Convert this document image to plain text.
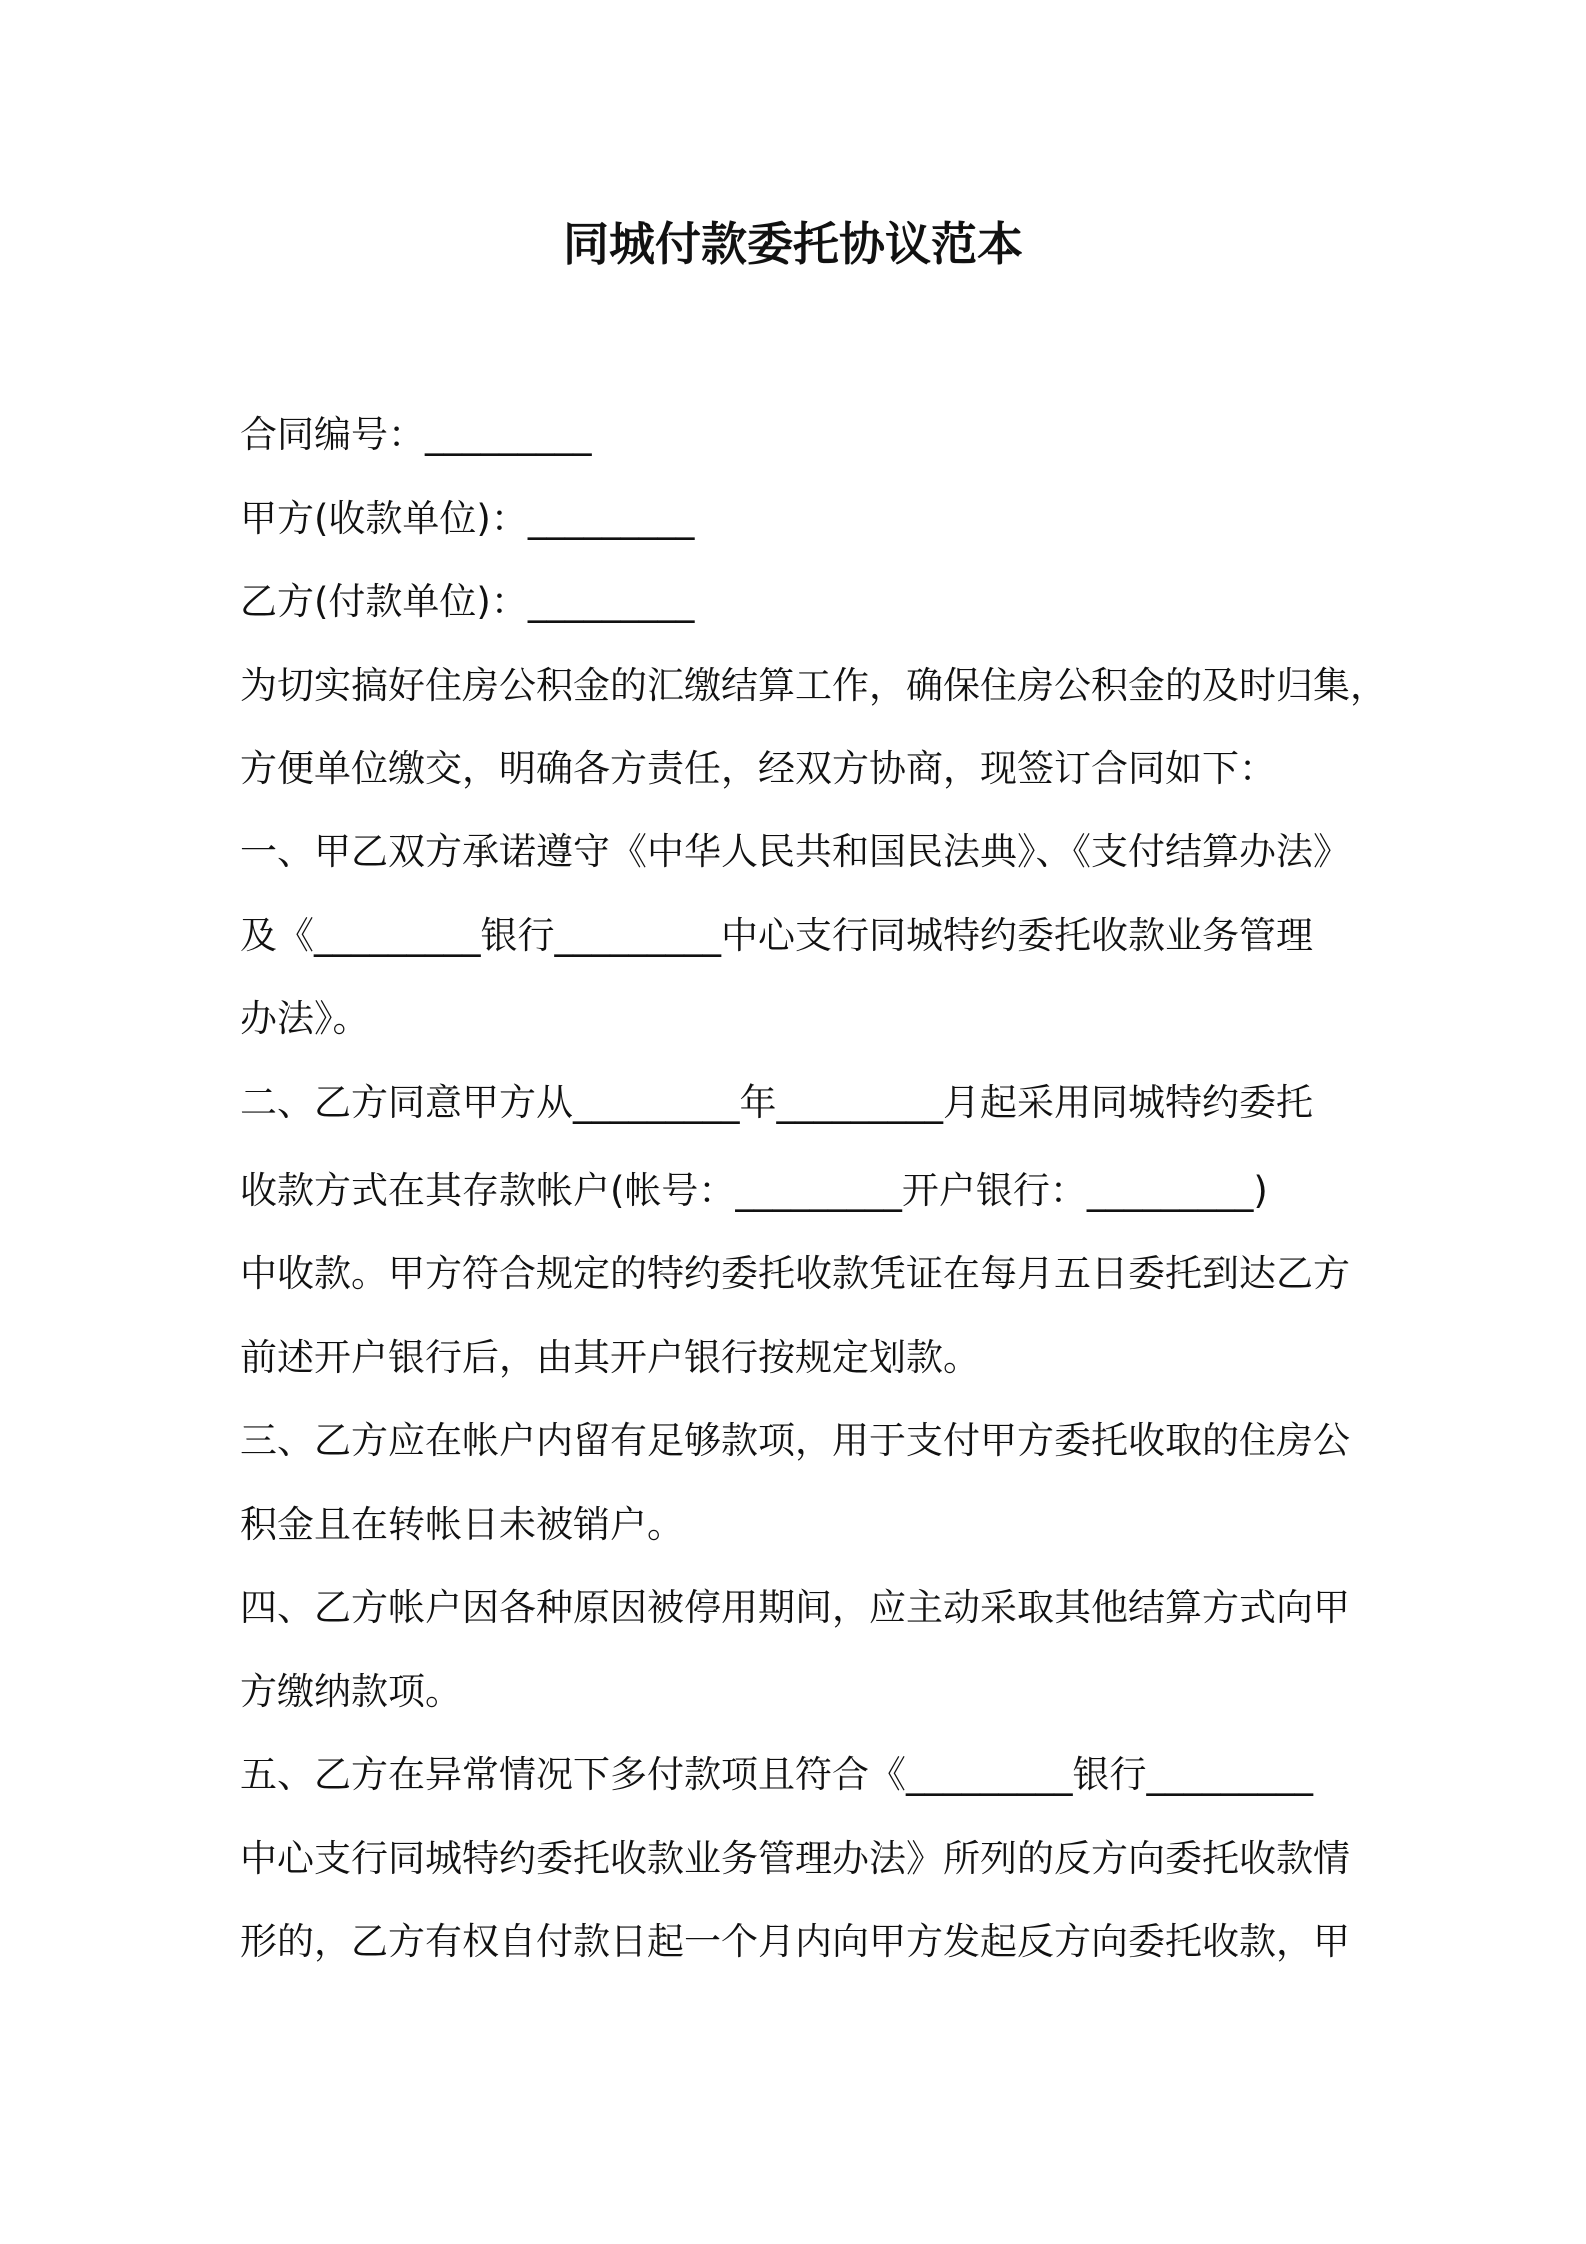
同城付款委托协议范本
合同编号：_________
甲方(收款单位)：_________
乙方(付款单位)：_________
为切实搞好住房公积金的汇缴结算工作，确保住房公积金的及时归集，
方便单位缴交，明确各方责任，经双方协商，现签订合同如下：
一、甲乙双方承诺遵守《中华人民共和国民法典》、《支付结算办法》
及《_________银行_________中心支行同城特约委托收款业务管理
办法》。
二、乙方同意甲方从_________年_________月起采用同城特约委托
收款方式在其存款帐户(帐号：_________开户银行：_________)
中收款。甲方符合规定的特约委托收款凭证在每月五日委托到达乙方
前述开户银行后，由其开户银行按规定划款。
三、乙方应在帐户内留有足够款项，用于支付甲方委托收取的住房公
积金且在转帐日未被销户。
四、乙方帐户因各种原因被停用期间，应主动采取其他结算方式向甲
方缴纳款项。
五、乙方在异常情况下多付款项且符合《_________银行_________
中心支行同城特约委托收款业务管理办法》所列的反方向委托收款情
形的，乙方有权自付款日起一个月内向甲方发起反方向委托收款，甲
